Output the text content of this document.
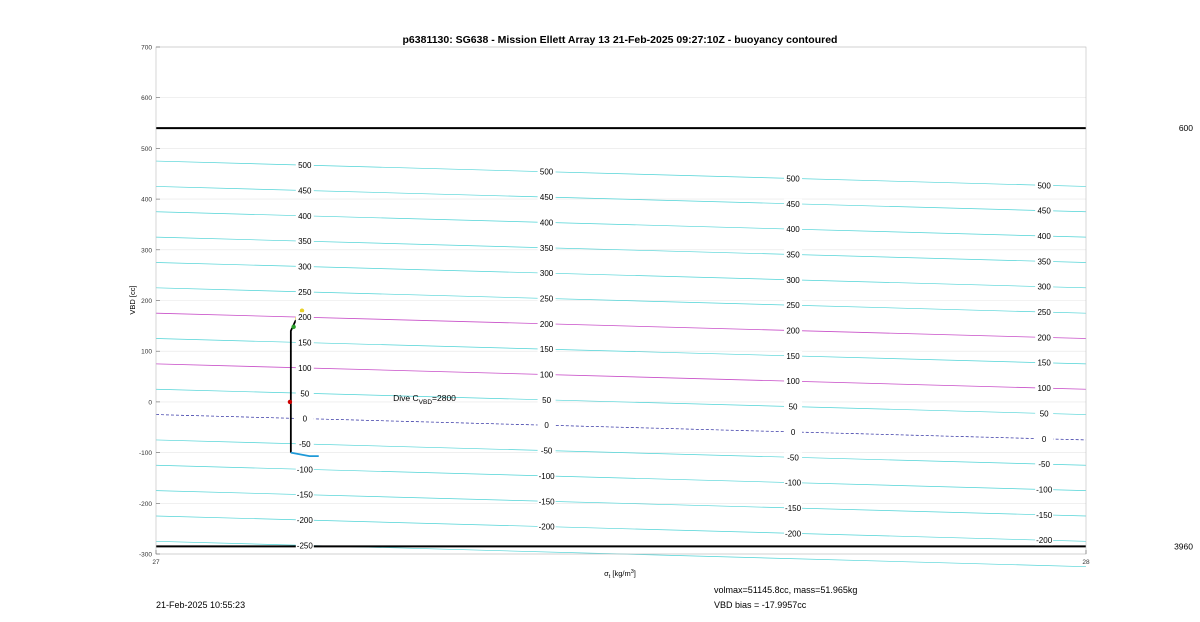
600
3960
500
500
500
500
450
450
450
450
400
400
400
400
350
350
350
350
300
300
300
300
250
250
250
250
200
200
200
200
150
150
150
150
100
100
100
100
50
50
50
50
0
0
0
0
-50
-50
-50
-50
-100
-100
-100
-100
-150
-150
-150
-150
-200
-200
-200
-200
-250
700
600
500
400
300
200
100
0
-100
-200
-300
27	28
p6381130: SG638 - Mission Ellett Array 13 21-Feb-2025 09:27:10Z - buoyancy contoured
VBD [cc]
$\sigma_t$ $[kg/m^3]$
Dive $C_{VBD}=2800$
21-Feb-2025 10:55:23
volmax=51145.8cc, mass=51.965kg
VBD bias = -17.9957cc
